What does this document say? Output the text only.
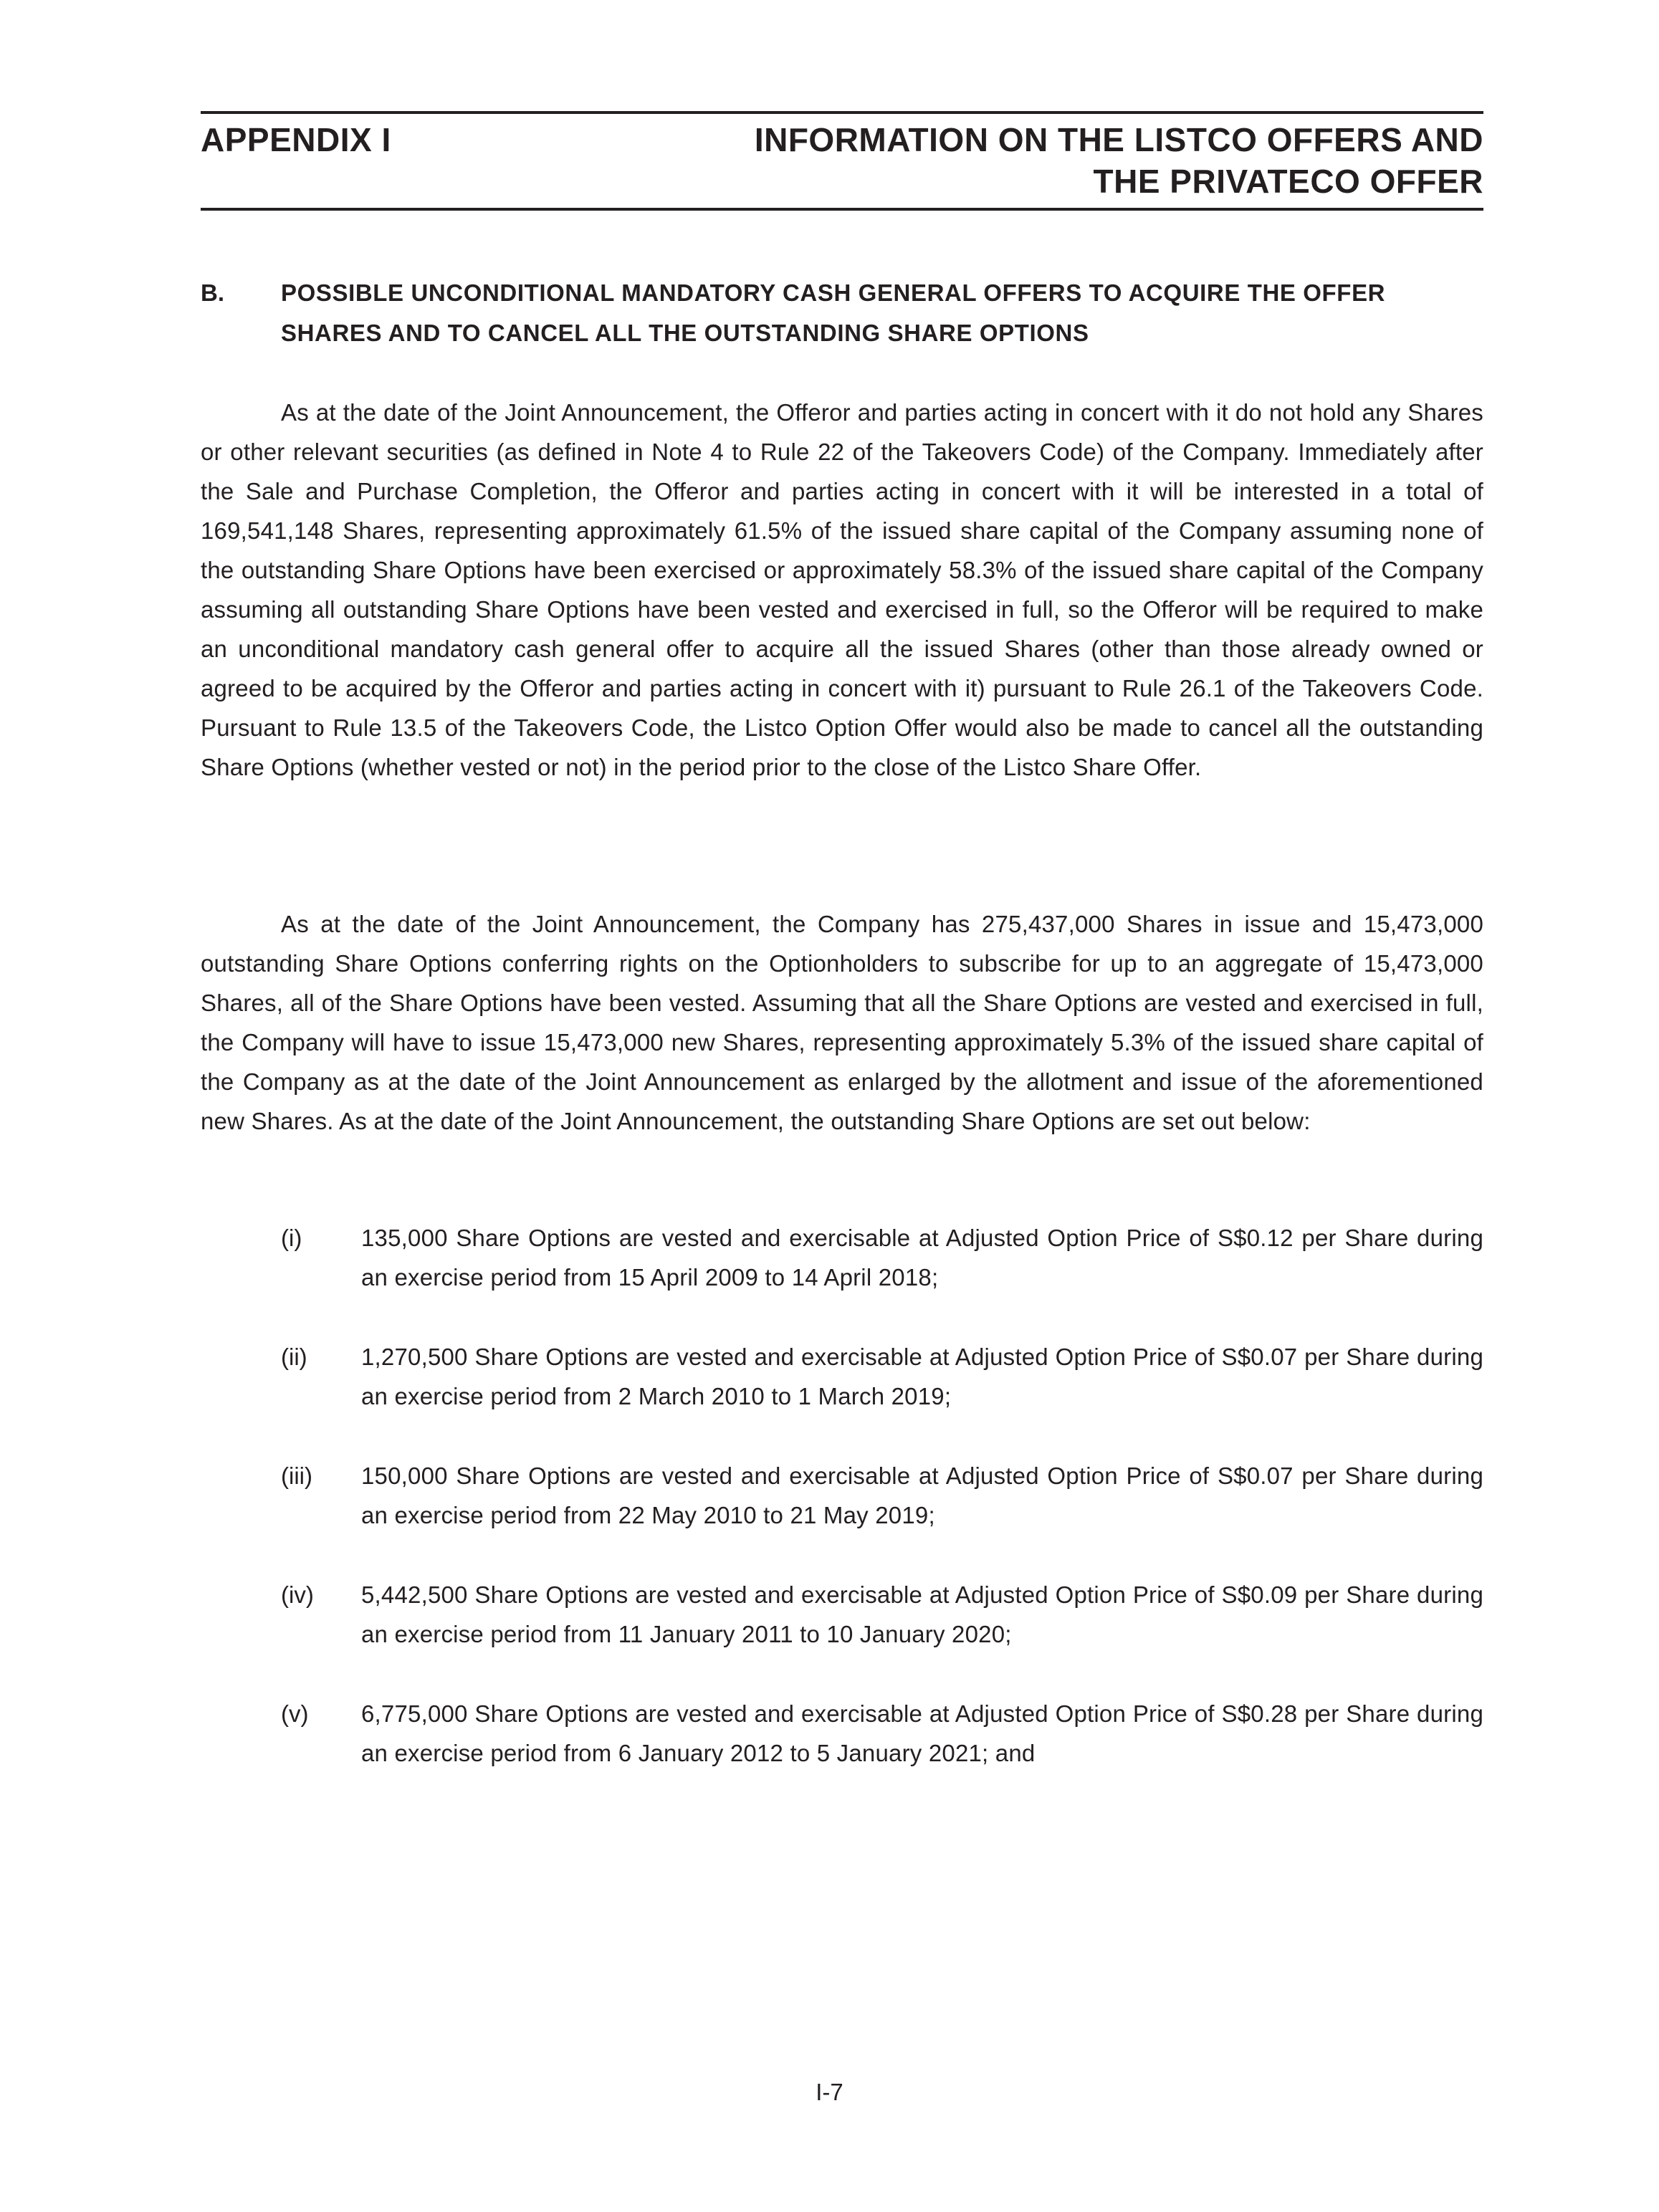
APPENDIX I	INFORMATION ON THE LISTCO OFFERS AND
THE PRIVATECO OFFER
B. POSSIBLE UNCONDITIONAL MANDATORY CASH GENERAL OFFERS TO ACQUIRE THE OFFER SHARES AND TO CANCEL ALL THE OUTSTANDING SHARE OPTIONS

As at the date of the Joint Announcement, the Offeror and parties acting in concert with it do not hold any Shares or other relevant securities (as defined in Note 4 to Rule 22 of the Takeovers Code) of the Company. Immediately after the Sale and Purchase Completion, the Offeror and parties acting in concert with it will be interested in a total of 169,541,148 Shares, representing approximately 61.5% of the issued share capital of the Company assuming none of the outstanding Share Options have been exercised or approximately 58.3% of the issued share capital of the Company assuming all outstanding Share Options have been vested and exercised in full, so the Offeror will be required to make an unconditional mandatory cash general offer to acquire all the issued Shares (other than those already owned or agreed to be acquired by the Offeror and parties acting in concert with it) pursuant to Rule 26.1 of the Takeovers Code. Pursuant to Rule 13.5 of the Takeovers Code, the Listco Option Offer would also be made to cancel all the outstanding Share Options (whether vested or not) in the period prior to the close of the Listco Share Offer.

As at the date of the Joint Announcement, the Company has 275,437,000 Shares in issue and 15,473,000 outstanding Share Options conferring rights on the Optionholders to subscribe for up to an aggregate of 15,473,000 Shares, all of the Share Options have been vested. Assuming that all the Share Options are vested and exercised in full, the Company will have to issue 15,473,000 new Shares, representing approximately 5.3% of the issued share capital of the Company as at the date of the Joint Announcement as enlarged by the allotment and issue of the aforementioned new Shares. As at the date of the Joint Announcement, the outstanding Share Options are set out below:

(i)	135,000 Share Options are vested and exercisable at Adjusted Option Price of S$0.12 per Share during an exercise period from 15 April 2009 to 14 April 2018;
(ii) 1,270,500 Share Options are vested and exercisable at Adjusted Option Price of S$0.07 per Share during an exercise period from 2 March 2010 to 1 March 2019;
(iii) 150,000 Share Options are vested and exercisable at Adjusted Option Price of S$0.07 per Share during an exercise period from 22 May 2010 to 21 May 2019;
(iv) 5,442,500 Share Options are vested and exercisable at Adjusted Option Price of S$0.09 per Share during an exercise period from 11 January 2011 to 10 January 2020;
(v) 6,775,000 Share Options are vested and exercisable at Adjusted Option Price of S$0.28 per Share during an exercise period from 6 January 2012 to 5 January 2021; and
I-7
